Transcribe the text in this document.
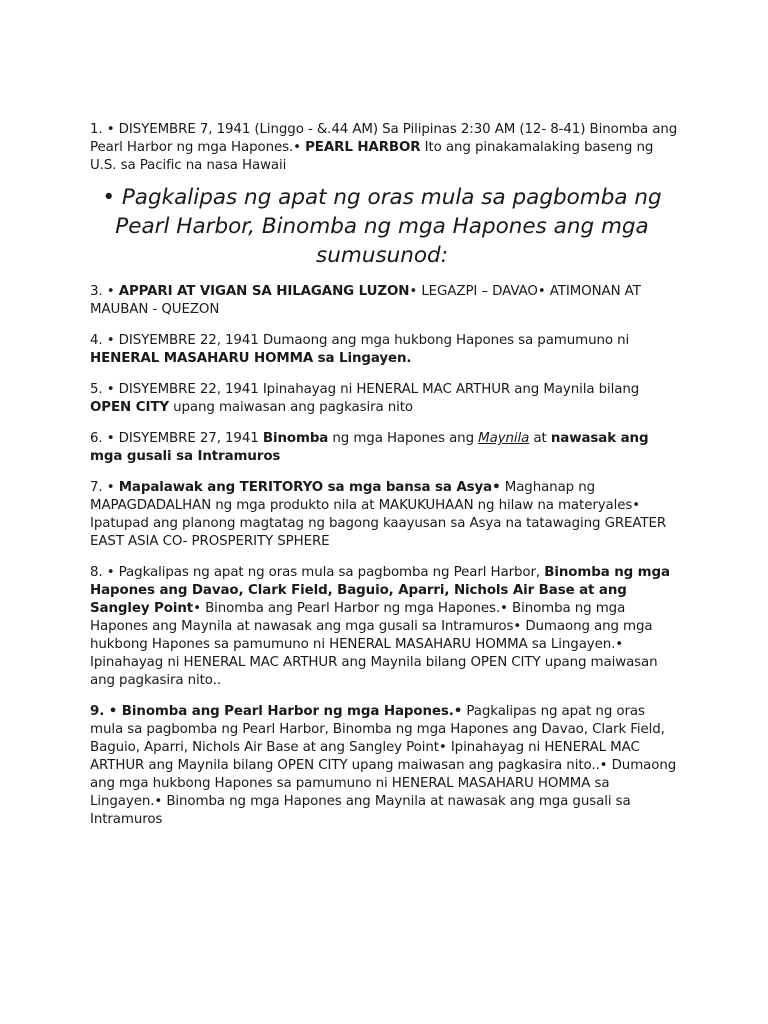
1. • DISYEMBRE 7, 1941 (Linggo - &.44 AM) Sa Pilipinas 2:30 AM (12- 8-41) Binomba ang Pearl Harbor ng mga Hapones.• PEARL HARBOR Ito ang pinakamalaking baseng ng U.S. sa Pacific na nasa Hawaii

• Pagkalipas ng apat ng oras mula sa pagbomba ng Pearl Harbor, Binomba ng mga Hapones ang mga sumusunod:

3. • APPARI AT VIGAN SA HILAGANG LUZON• LEGAZPI – DAVAO• ATIMONAN AT MAUBAN - QUEZON

4. • DISYEMBRE 22, 1941 Dumaong ang mga hukbong Hapones sa pamumuno ni HENERAL MASAHARU HOMMA sa Lingayen.

5. • DISYEMBRE 22, 1941 Ipinahayag ni HENERAL MAC ARTHUR ang Maynila bilang OPEN CITY upang maiwasan ang pagkasira nito

6. • DISYEMBRE 27, 1941 Binomba ng mga Hapones ang Maynila at nawasak ang mga gusali sa Intramuros

7. • Mapalawak ang TERITORYO sa mga bansa sa Asya• Maghanap ng MAPAGDADALHAN ng mga produkto nila at MAKUKUHAAN ng hilaw na materyales• Ipatupad ang planong magtatag ng bagong kaayusan sa Asya na tatawaging GREATER EAST ASIA CO- PROSPERITY SPHERE

8. • Pagkalipas ng apat ng oras mula sa pagbomba ng Pearl Harbor, Binomba ng mga Hapones ang Davao, Clark Field, Baguio, Aparri, Nichols Air Base at ang Sangley Point• Binomba ang Pearl Harbor ng mga Hapones.• Binomba ng mga Hapones ang Maynila at nawasak ang mga gusali sa Intramuros• Dumaong ang mga hukbong Hapones sa pamumuno ni HENERAL MASAHARU HOMMA sa Lingayen.• Ipinahayag ni HENERAL MAC ARTHUR ang Maynila bilang OPEN CITY upang maiwasan ang pagkasira nito..

9. • Binomba ang Pearl Harbor ng mga Hapones.• Pagkalipas ng apat ng oras mula sa pagbomba ng Pearl Harbor, Binomba ng mga Hapones ang Davao, Clark Field, Baguio, Aparri, Nichols Air Base at ang Sangley Point• Ipinahayag ni HENERAL MAC ARTHUR ang Maynila bilang OPEN CITY upang maiwasan ang pagkasira nito..• Dumaong ang mga hukbong Hapones sa pamumuno ni HENERAL MASAHARU HOMMA sa Lingayen.• Binomba ng mga Hapones ang Maynila at nawasak ang mga gusali sa Intramuros
